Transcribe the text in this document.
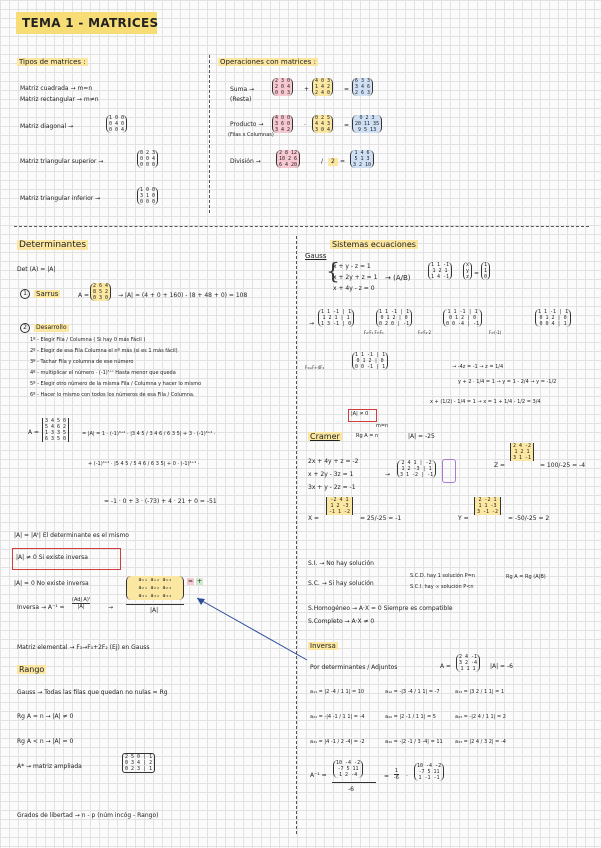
TEMA 1 - MATRICES
Tipos de matrices :
Matriz cuadrada → m=n
Matriz rectangular → m≠n
Matriz diagonal →
1 0 0
0 4 0
0 0 4
Matriz triangular superior →
0 2 3
0 0 4
0 0 0
Matriz triangular inferior →
1 0 0
3 1 0
0 0 0
Operaciones con matrices :
Suma →
(Resta)
2 3 0
2 0 4
0 0 3 +
4 0 3
1 4 2
2 4 0 =
6 3 3
3 4 6
2 6 3
Producto →
(Filas x Columnas)
4 0 0
3 6 0
3 4 2
·
0 2 5
4 4 3
3 0 4
=
0 2 3
20 11 35
9 5 13
División →
2 8 12
10 2 6
6 4 20	/	2 =
1 4 6
5 1 3
3 2 10
Determinantes
Det (A) = |A|
1	Sarrus	A =
2 6 4
8 5 2
0 3 0 → |A| = (4 + 0 + 160) - (8 + 48 + 0) = 108
2	Desarrollo
1º - Elegir Fila / Columna ( Si hay 0 más Fácil )
2º - Elegir de esa Fila Columna el nº más (si es 1 más fácil)
3º - Tachar Fila y columna de ese número
4º - multiplicar el número · (-1)ᶠ⁺ᶜ Hasta menor que queda
5º - Elegir otro número de la misma Fila / Columna y hacer lo mismo
6º - Hacer lo mismo con todos los números de esa Fila / Columna.
A =
3 4 5 0
5 4 6 2
1 3 3 5
6 3 5 0
= |A| = 1 · (-1)³⁺⁴ · |3 4 5 / 3 4 6 / 6 3 5| + 3 · (-1)³⁺⁴ ·
+ (-1)⁴⁺⁴ · |5 4 5 / 5 4 6 / 6 3 5| + 0 · (-1)⁴⁺⁴ ·
= -1 · 0 + 3 · (-73) + 4 · 21 + 0 = -51
|A| = |Aᵗ| El determinante es el mismo
|A| ≠ 0 Si existe inversa
|A| = 0 No existe inversa
Inversa → A⁻¹ =
(Adj A)ᵗ
|A|	→
a₁₁ a₁₂ a₁₃
a₂₁ a₂₂ a₂₃
a₃₁ a₃₂ a₃₃
|A|
= +
Matriz elemental → F₃→F₃+2F₂ (Ej) en Gauss
Rango
Gauss → Todas las filas que quedan no nulas = Rg
Rg A = n → |A| ≠ 0
Rg A < n → |A| = 0
A* → matriz ampliada
2 5 0 | 1
0 3 4 | 2
0 2 3 | 1
Grados de libertad → n - p (núm incóg - Rango)
Sistemas ecuaciones
Gauss
{
x + y - z = 1
x + 2y + z = 1
x + 4y - z = 0
→ (A/B)
1 1 -1
1 2 1
1 4 -1
x
y
z =
1
1
0
→
1 1 -1 | 1
1 2 1 | 1
1 3 -1 | 0
F₂-F₁ F₃-F₁
1 1 -1 | 1
0 1 2 | 0
0 2 0 | -1
F₃-F₂·2
1 1 -1 | 1
0 1 2 | 0
0 0 -4 | -1
F₃·(-1)
1 1 -1 | 1
0 1 2 | 0
0 0 4 | 1
F₃=F₃-4F₂
1 1 -1 | 1
0 1 2 | 0
0 0 -1 | 1	→ -4z = -1 → z = 1/4
y + 2 · 1/4 = 1 → y = 1 - 2/4 → y = -1/2
x + (1/2) - 1/4 = 1 → x = 1 + 1/4 - 1/2 = 3/4
|A| ≠ 0
m=n
Rg A = n
Cramer	|A| = -25
2x + 4y + z = -2
x + 2y - 3z = 1
3x + y - 2z = -1
→
2 4 1 | -2
1 2 -3 | 1
3 1 -2 | -1
Z =
2 4 -2
1 2 1
3 1 -1
= 100/-25 = -4
X =
-2 4 1
1 2 -3
-1 1 -2
= 25/-25 = -1	Y =
2 -2 1
1 1 -3
3 -1 -2
= -50/-25 = 2
S.I. → No hay solución
S.C. → Si hay solución
S.C.D. hay 1 solución P=n
S.C.I. hay ∞ solución P<n
Rg A = Rg (A|B)
S.Homogéneo → A·X = 0 Siempre es compatible
S.Completo → A·X ≠ 0
Inversa
Por determinantes / Adjuntos	A =
2 4 -1
3 2 -4
1 1 1 |A| = -6
a₁₁ = |2 -4 / 1 1| = 10	a₁₂ = -|3 -4 / 1 1| = -7	a₁₃ = |3 2 / 1 1| = 1
a₂₁ = -|4 -1 / 1 1| = -4	a₂₂ = |2 -1 / 1 1| = 5	a₂₃ = -|2 4 / 1 1| = 2
a₃₁ = |4 -1 / 2 -4| = -2	a₃₂ = -|2 -1 / 3 -4| = 11 a₃₃ = |2 4 / 3 2| = -4
A⁻¹ =
10 -4 -2
-7 5 11
1 2 -4
-6
= $\frac{1}{-6}$ ·
10 -4 -2
-7 5 11
1 -1 -1
